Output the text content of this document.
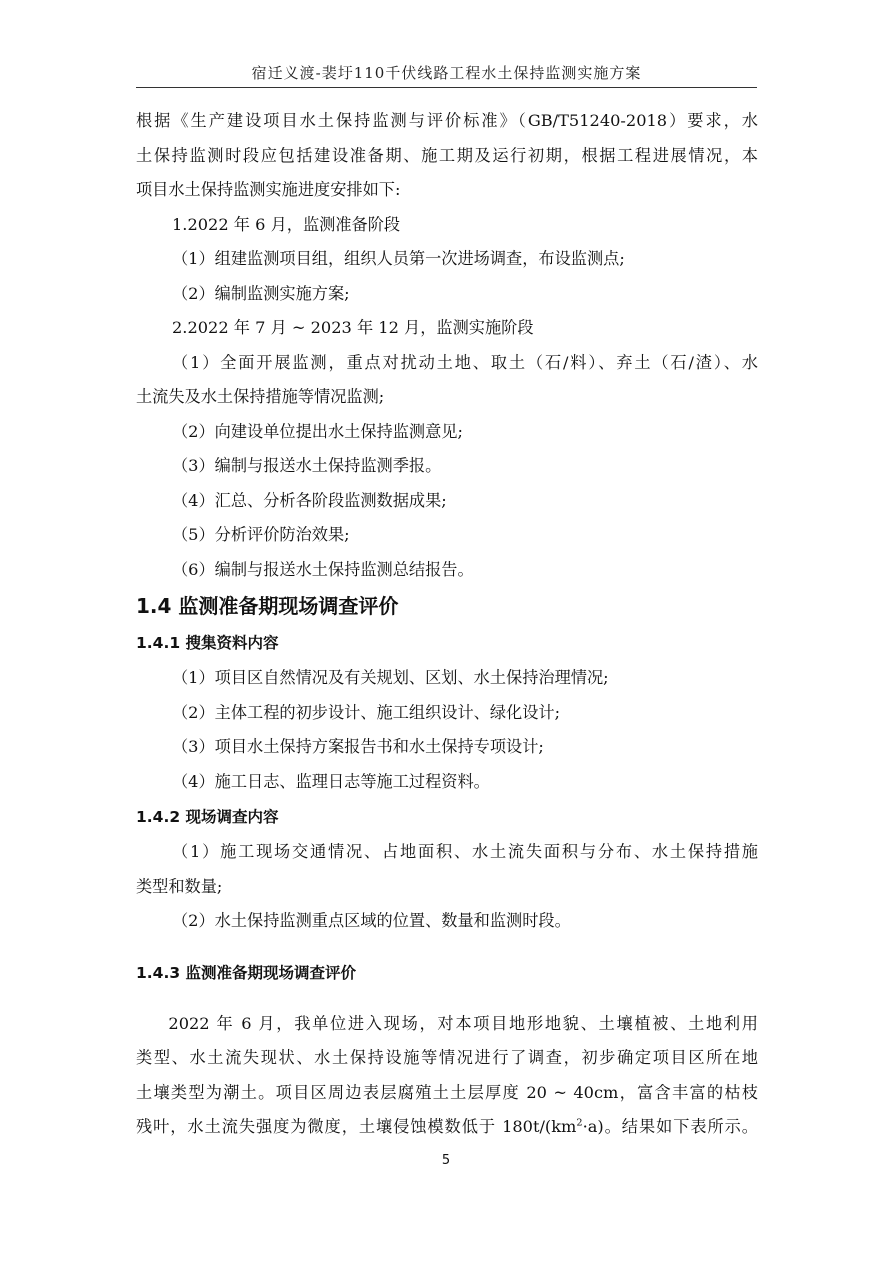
宿迁义渡-裴圩110千伏线路工程水土保持监测实施方案

根据《生产建设项目水土保持监测与评价标准》（GB/T51240-2018）要求，水

土保持监测时段应包括建设准备期、施工期及运行初期，根据工程进展情况，本

项目水土保持监测实施进度安排如下:

1.2022 年 6 月，监测准备阶段

（1）组建监测项目组，组织人员第一次进场调查，布设监测点;

（2）编制监测实施方案;

2.2022 年 7 月 ~ 2023 年 12 月，监测实施阶段

（1）全面开展监测，重点对扰动土地、取土（石/料）、弃土（石/渣）、水

土流失及水土保持措施等情况监测;

（2）向建设单位提出水土保持监测意见;

（3）编制与报送水土保持监测季报。

（4）汇总、分析各阶段监测数据成果;

（5）分析评价防治效果;

（6）编制与报送水土保持监测总结报告。

1.4 监测准备期现场调查评价

1.4.1 搜集资料内容

（1）项目区自然情况及有关规划、区划、水土保持治理情况;

（2）主体工程的初步设计、施工组织设计、绿化设计;

（3）项目水土保持方案报告书和水土保持专项设计;

（4）施工日志、监理日志等施工过程资料。

1.4.2 现场调查内容

（1）施工现场交通情况、占地面积、水土流失面积与分布、水土保持措施

类型和数量;

（2）水土保持监测重点区域的位置、数量和监测时段。

1.4.3 监测准备期现场调查评价

2022 年 6 月，我单位进入现场，对本项目地形地貌、土壤植被、土地利用

类型、水土流失现状、水土保持设施等情况进行了调查，初步确定项目区所在地

土壤类型为潮土。项目区周边表层腐殖土土层厚度 20 ~ 40cm，富含丰富的枯枝

残叶，水土流失强度为微度，土壤侵蚀模数低于 $180t/(km^2\cdot a)$。结果如下表所示。

5
